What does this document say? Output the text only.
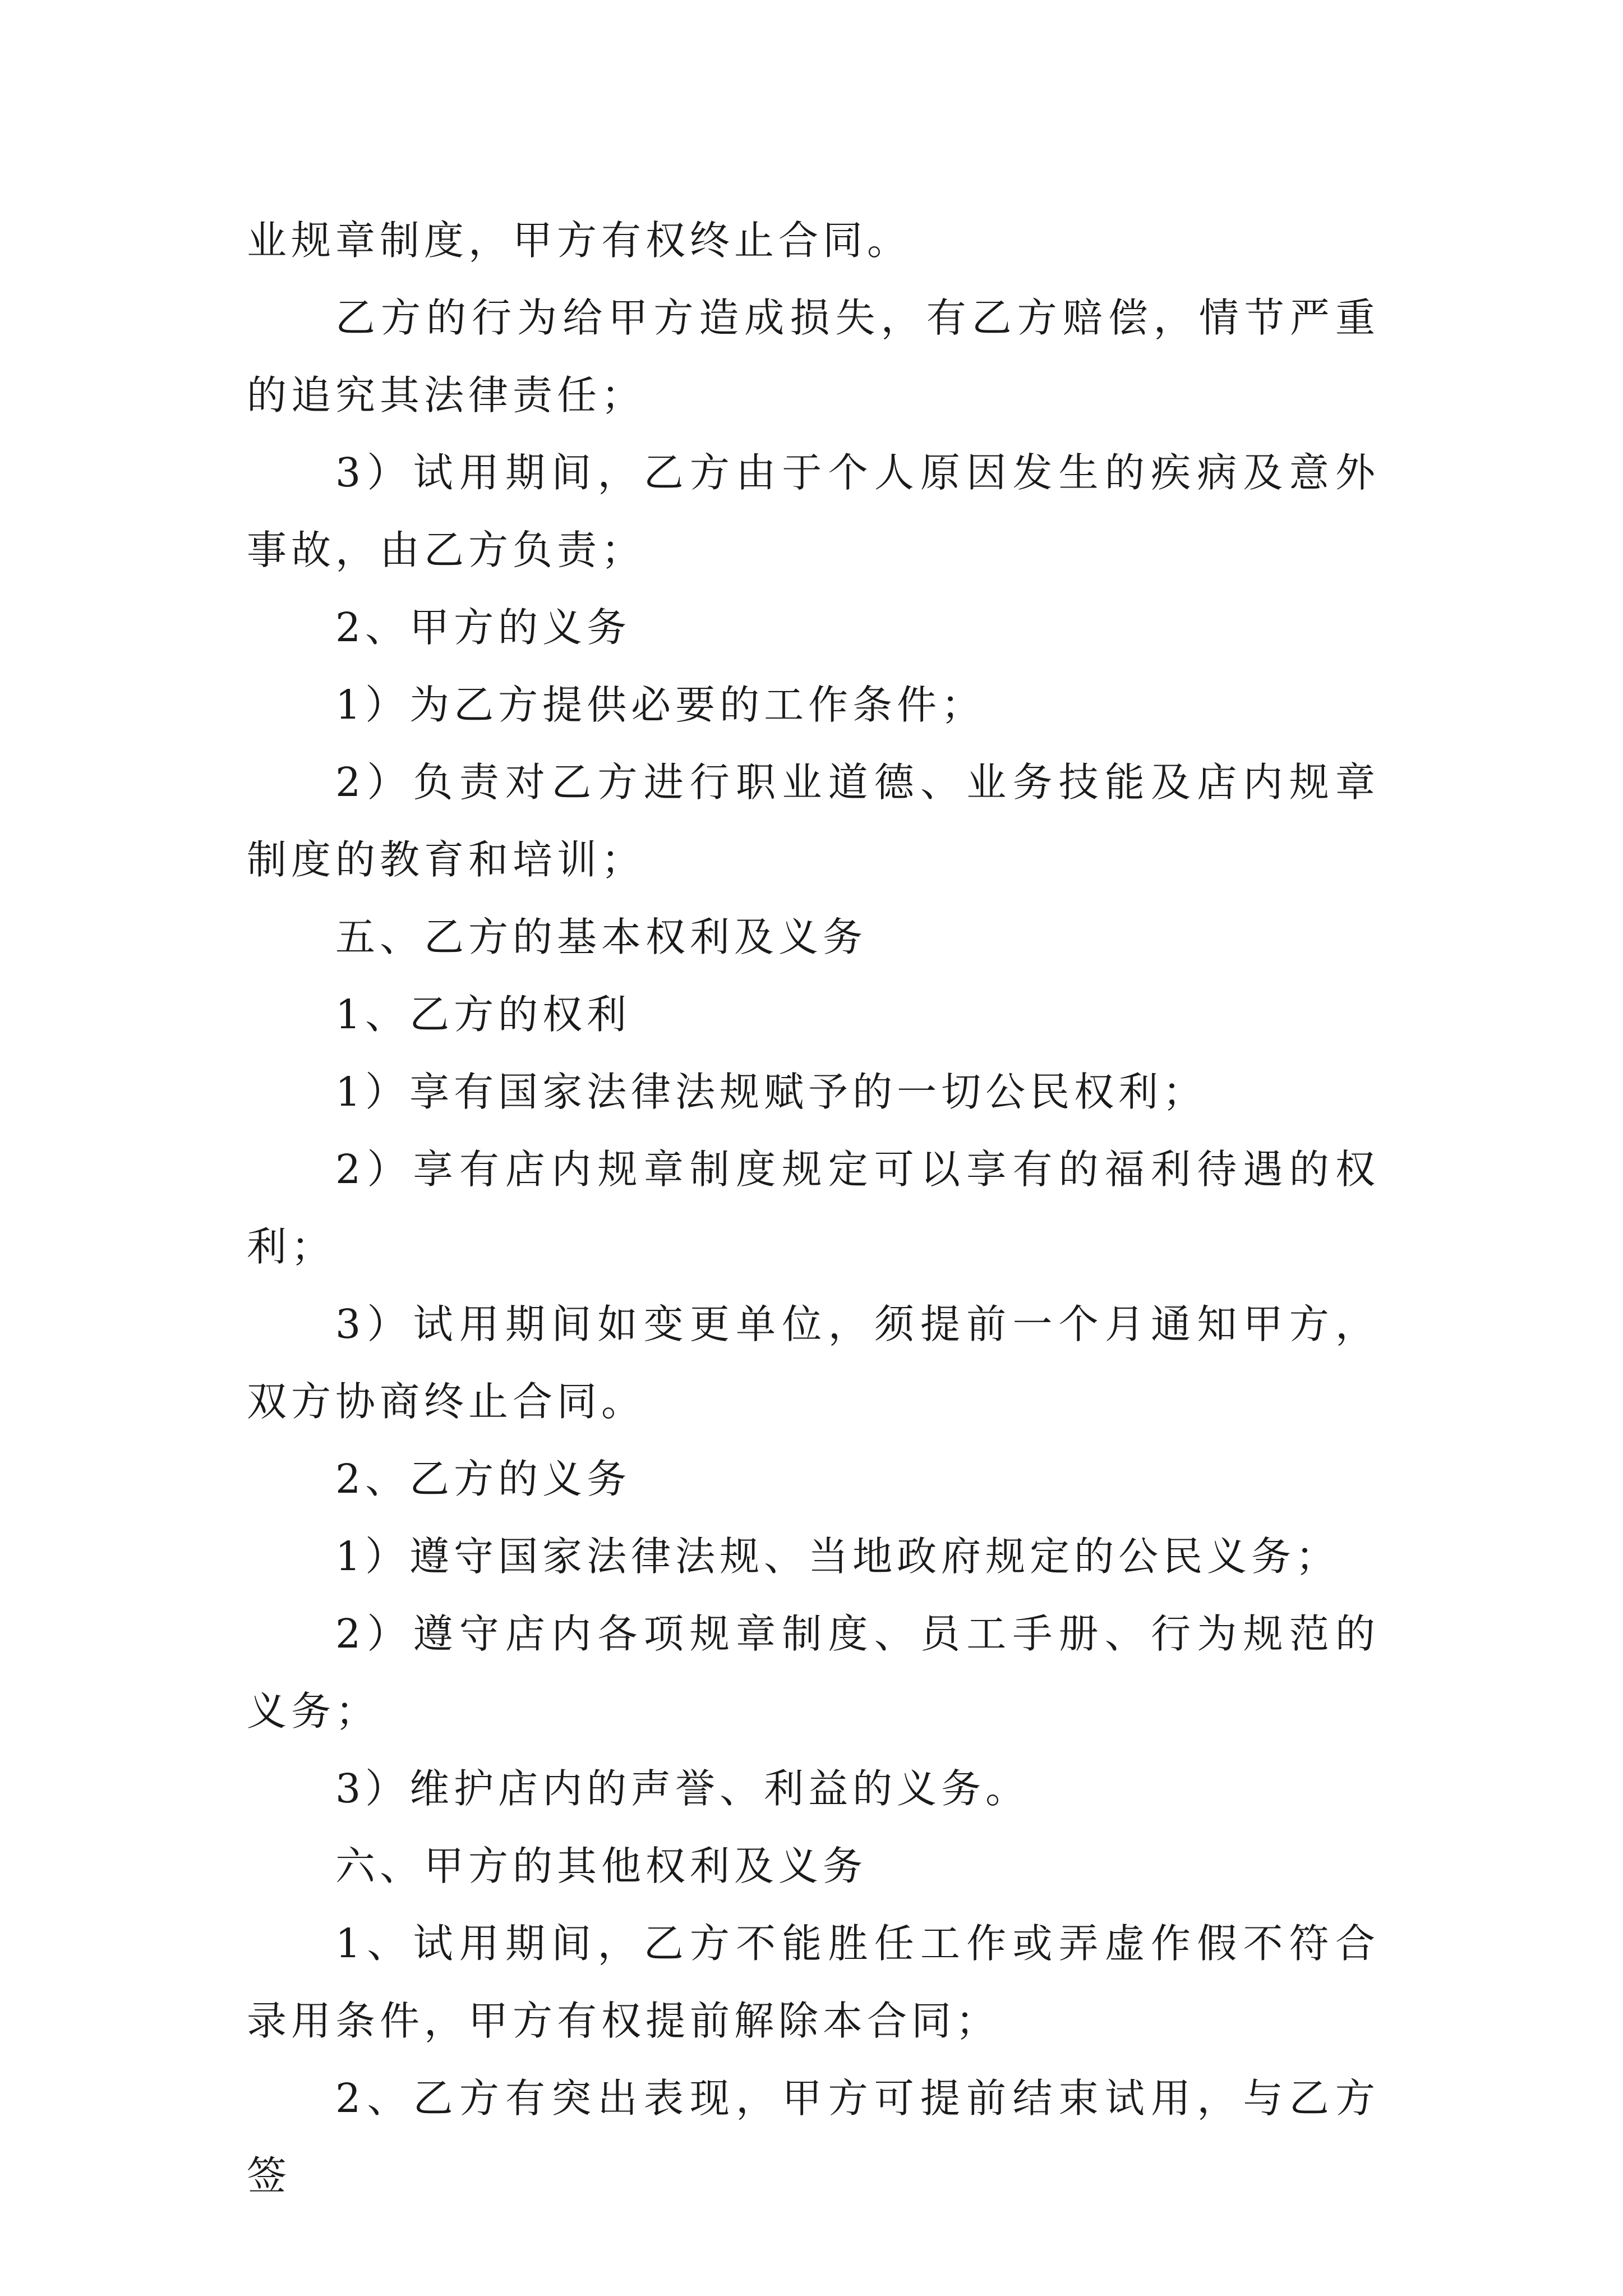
业规章制度，甲方有权终止合同。

乙方的行为给甲方造成损失，有乙方赔偿，情节严重的追究其法律责任；

3）试用期间，乙方由于个人原因发生的疾病及意外事故，由乙方负责；

2、甲方的义务

1）为乙方提供必要的工作条件；

2）负责对乙方进行职业道德、业务技能及店内规章制度的教育和培训；

五、乙方的基本权利及义务

1、乙方的权利

1）享有国家法律法规赋予的一切公民权利；

2）享有店内规章制度规定可以享有的福利待遇的权利；

3）试用期间如变更单位，须提前一个月通知甲方，双方协商终止合同。

2、乙方的义务

1）遵守国家法律法规、当地政府规定的公民义务；

2）遵守店内各项规章制度、员工手册、行为规范的义务；

3）维护店内的声誉、利益的义务。

六、甲方的其他权利及义务

1、试用期间，乙方不能胜任工作或弄虚作假不符合录用条件，甲方有权提前解除本合同；

2、乙方有突出表现，甲方可提前结束试用，与乙方签
